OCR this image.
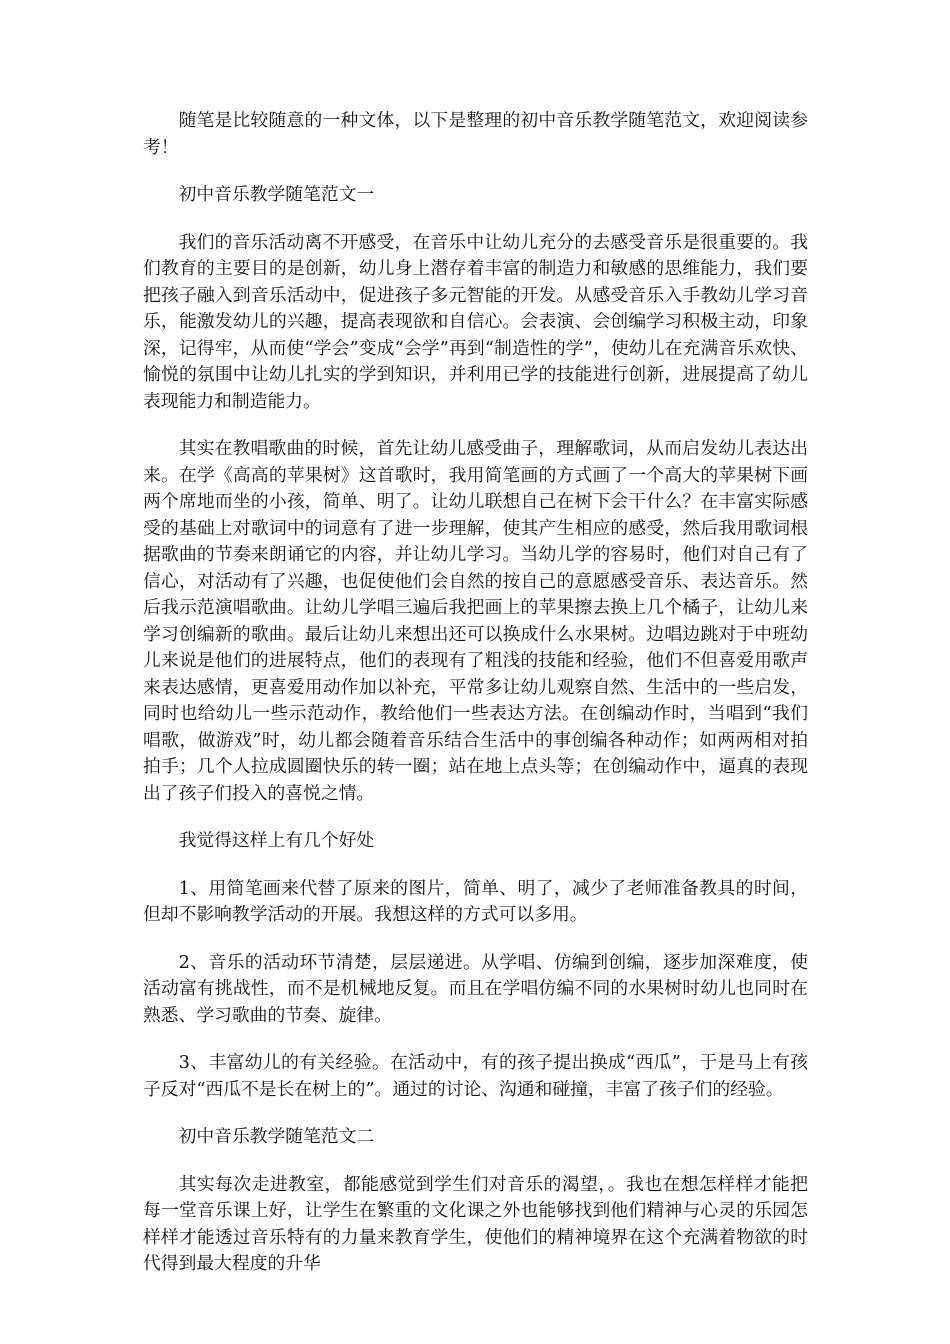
随笔是比较随意的一种文体，以下是整理的初中音乐教学随笔范文，欢迎阅读参考！

初中音乐教学随笔范文一

我们的音乐活动离不开感受，在音乐中让幼儿充分的去感受音乐是很重要的。我们教育的主要目的是创新，幼儿身上潜存着丰富的制造力和敏感的思维能力，我们要把孩子融入到音乐活动中，促进孩子多元智能的开发。从感受音乐入手教幼儿学习音乐，能激发幼儿的兴趣，提高表现欲和自信心。会表演、会创编学习积极主动，印象深，记得牢，从而使“学会”变成“会学”再到“制造性的学”，使幼儿在充满音乐欢快、愉悦的氛围中让幼儿扎实的学到知识，并利用已学的技能进行创新，进展提高了幼儿表现能力和制造能力。

其实在教唱歌曲的时候，首先让幼儿感受曲子，理解歌词，从而启发幼儿表达出来。在学《高高的苹果树》这首歌时，我用简笔画的方式画了一个高大的苹果树下画两个席地而坐的小孩，简单、明了。让幼儿联想自己在树下会干什么？在丰富实际感受的基础上对歌词中的词意有了进一步理解，使其产生相应的感受，然后我用歌词根据歌曲的节奏来朗诵它的内容，并让幼儿学习。当幼儿学的容易时，他们对自己有了信心，对活动有了兴趣，也促使他们会自然的按自己的意愿感受音乐、表达音乐。然后我示范演唱歌曲。让幼儿学唱三遍后我把画上的苹果擦去换上几个橘子，让幼儿来学习创编新的歌曲。最后让幼儿来想出还可以换成什么水果树。边唱边跳对于中班幼儿来说是他们的进展特点，他们的表现有了粗浅的技能和经验，他们不但喜爱用歌声来表达感情，更喜爱用动作加以补充，平常多让幼儿观察自然、生活中的一些启发，同时也给幼儿一些示范动作，教给他们一些表达方法。在创编动作时，当唱到“我们唱歌，做游戏”时，幼儿都会随着音乐结合生活中的事创编各种动作；如两两相对拍拍手；几个人拉成圆圈快乐的转一圈；站在地上点头等；在创编动作中，逼真的表现出了孩子们投入的喜悦之情。

我觉得这样上有几个好处

1、用简笔画来代替了原来的图片，简单、明了，减少了老师准备教具的时间，但却不影响教学活动的开展。我想这样的方式可以多用。

2、音乐的活动环节清楚，层层递进。从学唱、仿编到创编，逐步加深难度，使活动富有挑战性，而不是机械地反复。而且在学唱仿编不同的水果树时幼儿也同时在熟悉、学习歌曲的节奏、旋律。

3、丰富幼儿的有关经验。在活动中，有的孩子提出换成“西瓜”，于是马上有孩子反对“西瓜不是长在树上的”。通过的讨论、沟通和碰撞，丰富了孩子们的经验。

初中音乐教学随笔范文二

其实每次走进教室，都能感觉到学生们对音乐的渴望，。我也在想怎样样才能把每一堂音乐课上好，让学生在繁重的文化课之外也能够找到他们精神与心灵的乐园怎样样才能透过音乐特有的力量来教育学生，使他们的精神境界在这个充满着物欲的时代得到最大程度的升华
